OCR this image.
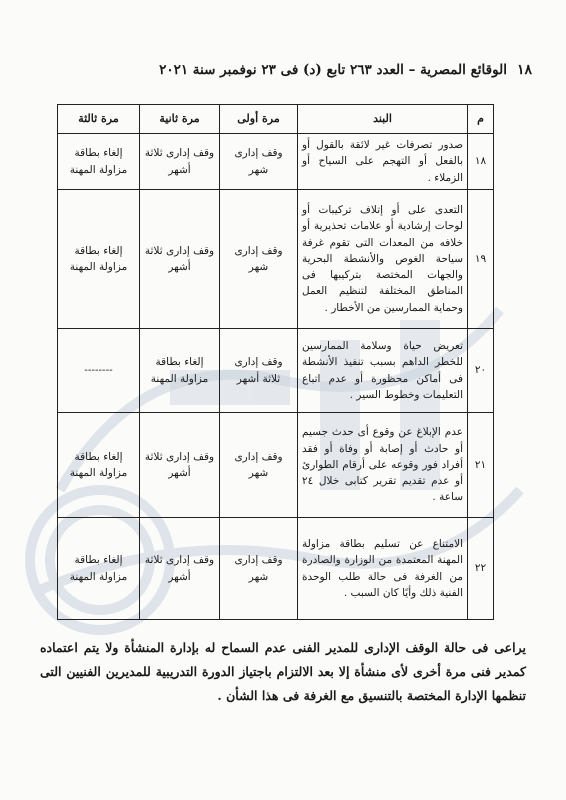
١٨
الوقائع المصرية – العدد ٢٦٣ تابع (د) فى ٢٣ نوفمبر سنة ٢٠٢١
م	البند	مرة أولى	مرة ثانية	مرة ثالثة
١٨	صدور تصرفات غير لائقة بالقول أو بالفعل أو التهجم على السياح أو الزملاء .	وقف إدارى شهر	وقف إدارى ثلاثة أشهر	إلغاء بطاقة مزاولة المهنة
١٩	التعدى على أو إتلاف تركيبات أو لوحات إرشادية أو علامات تحذيرية أو خلافه من المعدات التى تقوم غرفة سياحة الغوص والأنشطة البحرية والجهات المختصة بتركيبها فى المناطق المختلفة لتنظيم العمل وحماية الممارسين من الأخطار .	وقف إدارى شهر	وقف إدارى ثلاثة أشهر	إلغاء بطاقة مزاولة المهنة
٢٠	تعريض حياة وسلامة الممارسين للخطر الداهم بسبب تنفيذ الأنشطة فى أماكن محظورة أو عدم اتباع التعليمات وخطوط السير .	وقف إدارى ثلاثة أشهر	إلغاء بطاقة مزاولة المهنة	--------
٢١	عدم الإبلاغ عن وقوع أى حدث جسيم أو حادث أو إصابة أو وفاة أو فقد أفراد فور وقوعه على أرقام الطوارئ أو عدم تقديم تقرير كتابى خلال ٢٤ ساعة .	وقف إدارى شهر	وقف إدارى ثلاثة أشهر	إلغاء بطاقة مزاولة المهنة
٢٢	الامتناع عن تسليم بطاقة مزاولة المهنة المعتمدة من الوزارة والصادرة من الغرفة فى حالة طلب الوحدة الفنية ذلك وأيًا كان السبب .	وقف إدارى شهر	وقف إدارى ثلاثة أشهر	إلغاء بطاقة مزاولة المهنة
يراعى فى حالة الوقف الإدارى للمدير الفنى عدم السماح له بإدارة المنشأة ولا يتم اعتماده كمدير فنى مرة أخرى لأى منشأة إلا بعد الالتزام باجتياز الدورة التدريبية للمديرين الفنيين التى تنظمها الإدارة المختصة بالتنسيق مع الغرفة فى هذا الشأن .
